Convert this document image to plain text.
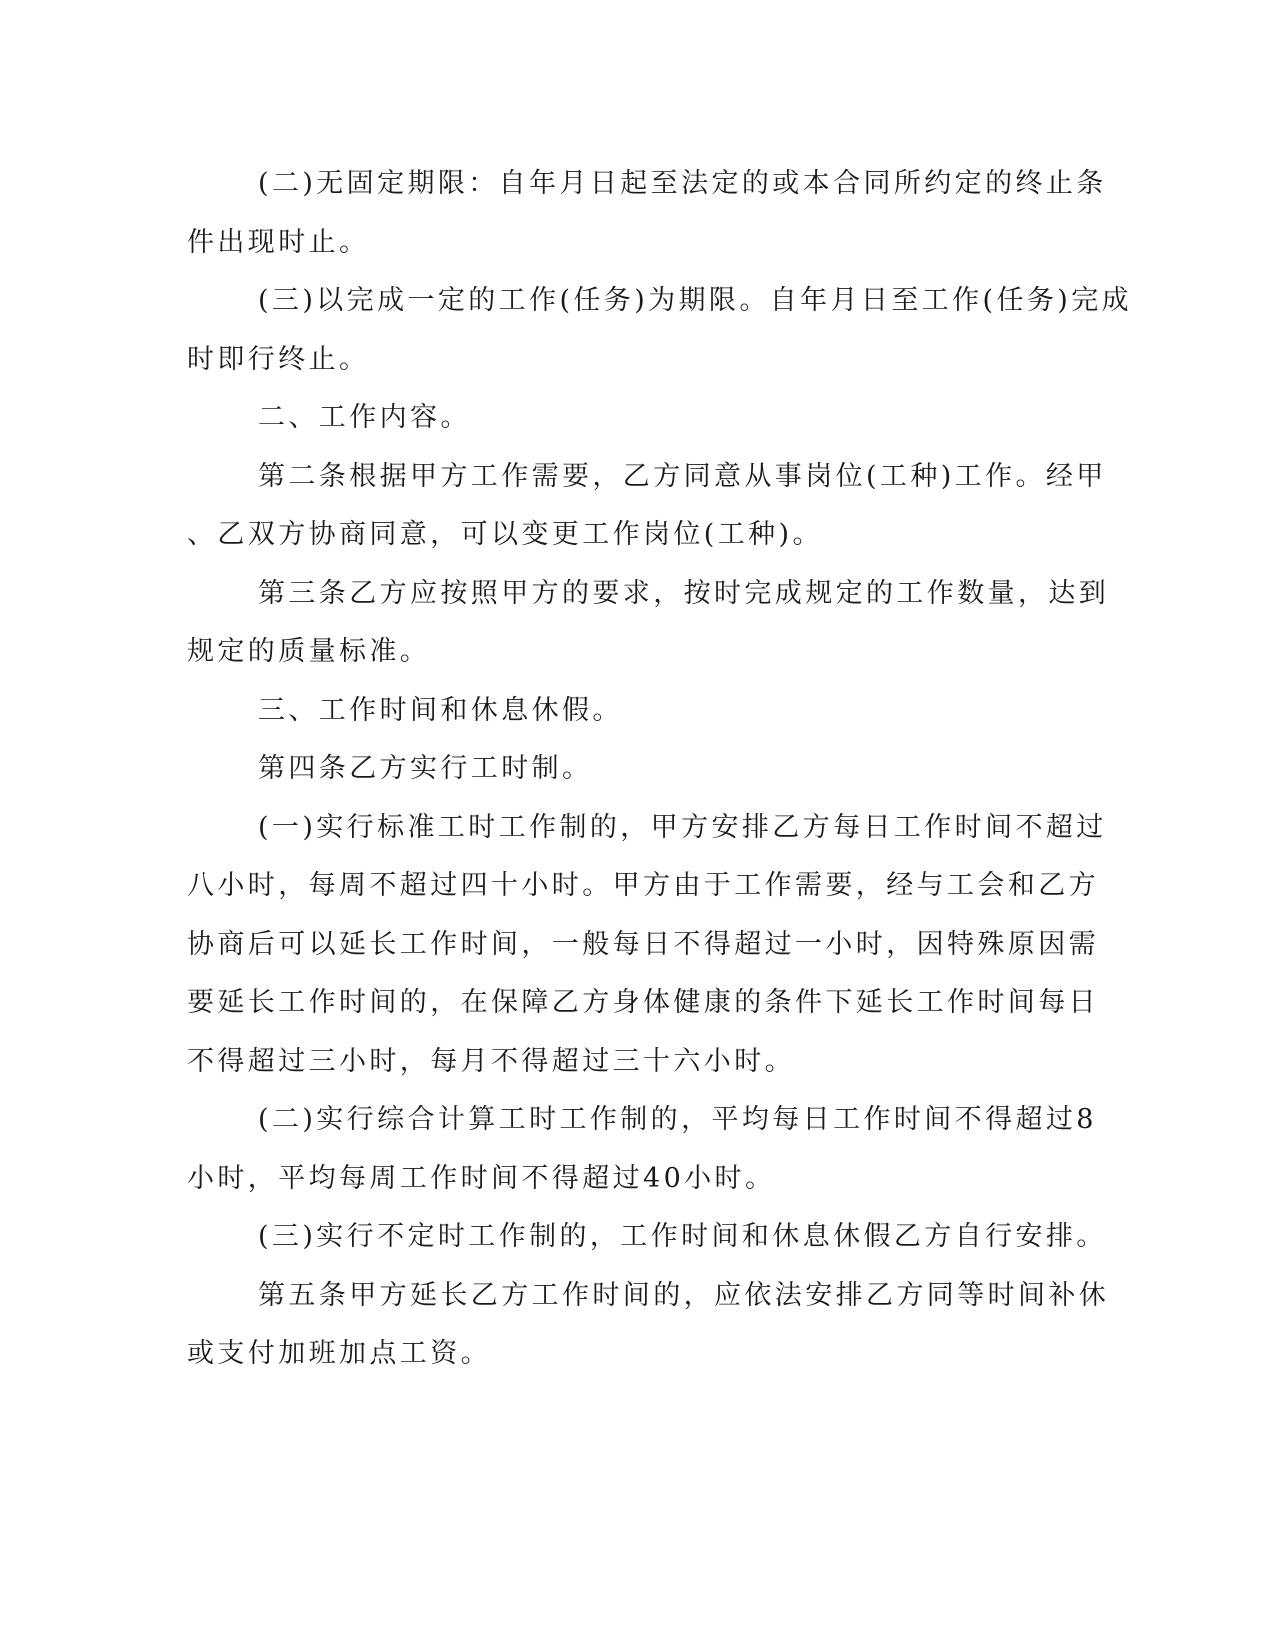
(二)无固定期限：自年月日起至法定的或本合同所约定的终止条
件出现时止。
(三)以完成一定的工作(任务)为期限。自年月日至工作(任务)完成
时即行终止。
二、工作内容。
第二条根据甲方工作需要，乙方同意从事岗位(工种)工作。经甲
、乙双方协商同意，可以变更工作岗位(工种)。
第三条乙方应按照甲方的要求，按时完成规定的工作数量，达到
规定的质量标准。
三、工作时间和休息休假。
第四条乙方实行工时制。
(一)实行标准工时工作制的，甲方安排乙方每日工作时间不超过
八小时，每周不超过四十小时。甲方由于工作需要，经与工会和乙方
协商后可以延长工作时间，一般每日不得超过一小时，因特殊原因需
要延长工作时间的，在保障乙方身体健康的条件下延长工作时间每日
不得超过三小时，每月不得超过三十六小时。
(二)实行综合计算工时工作制的，平均每日工作时间不得超过8
小时，平均每周工作时间不得超过40小时。
(三)实行不定时工作制的，工作时间和休息休假乙方自行安排。
第五条甲方延长乙方工作时间的，应依法安排乙方同等时间补休
或支付加班加点工资。
